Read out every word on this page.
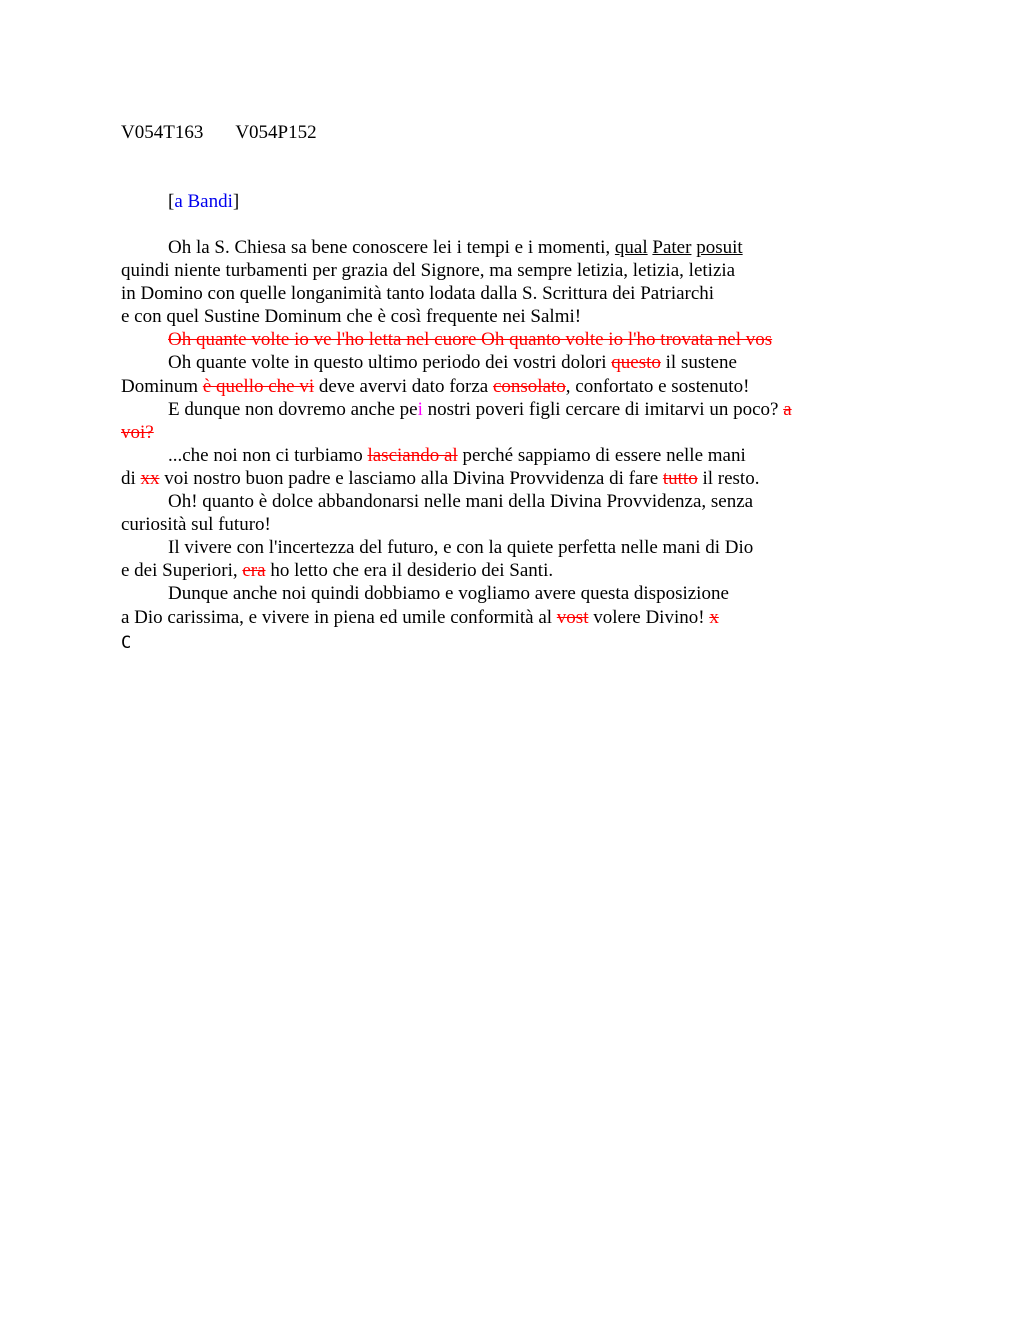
V054T163 V054P152
[a Bandi]
Oh la S. Chiesa sa bene conoscere lei i tempi e i momenti, qual Pater posuit
quindi niente turbamenti per grazia del Signore, ma sempre letizia, letizia, letizia
in Domino con quelle longanimità tanto lodata dalla S. Scrittura dei Patriarchi
e con quel Sustine Dominum che è così frequente nei Salmi!
Oh quante volte io ve l'ho letta nel cuore Oh quanto volte io l'ho trovata nel vos
Oh quante volte in questo ultimo periodo dei vostri dolori questo il sustene
Dominum è quello che vi deve avervi dato forza consolato, confortato e sostenuto!
E dunque non dovremo anche pei nostri poveri figli cercare di imitarvi un poco? a
voi?
...che noi non ci turbiamo lasciando al perché sappiamo di essere nelle mani
di xx voi nostro buon padre e lasciamo alla Divina Provvidenza di fare tutto il resto.
Oh! quanto è dolce abbandonarsi nelle mani della Divina Provvidenza, senza
curiosità sul futuro!
Il vivere con l'incertezza del futuro, e con la quiete perfetta nelle mani di Dio
e dei Superiori, era ho letto che era il desiderio dei Santi.
Dunque anche noi quindi dobbiamo e vogliamo avere questa disposizione
a Dio carissima, e vivere in piena ed umile conformità al vost volere Divino! x
C
